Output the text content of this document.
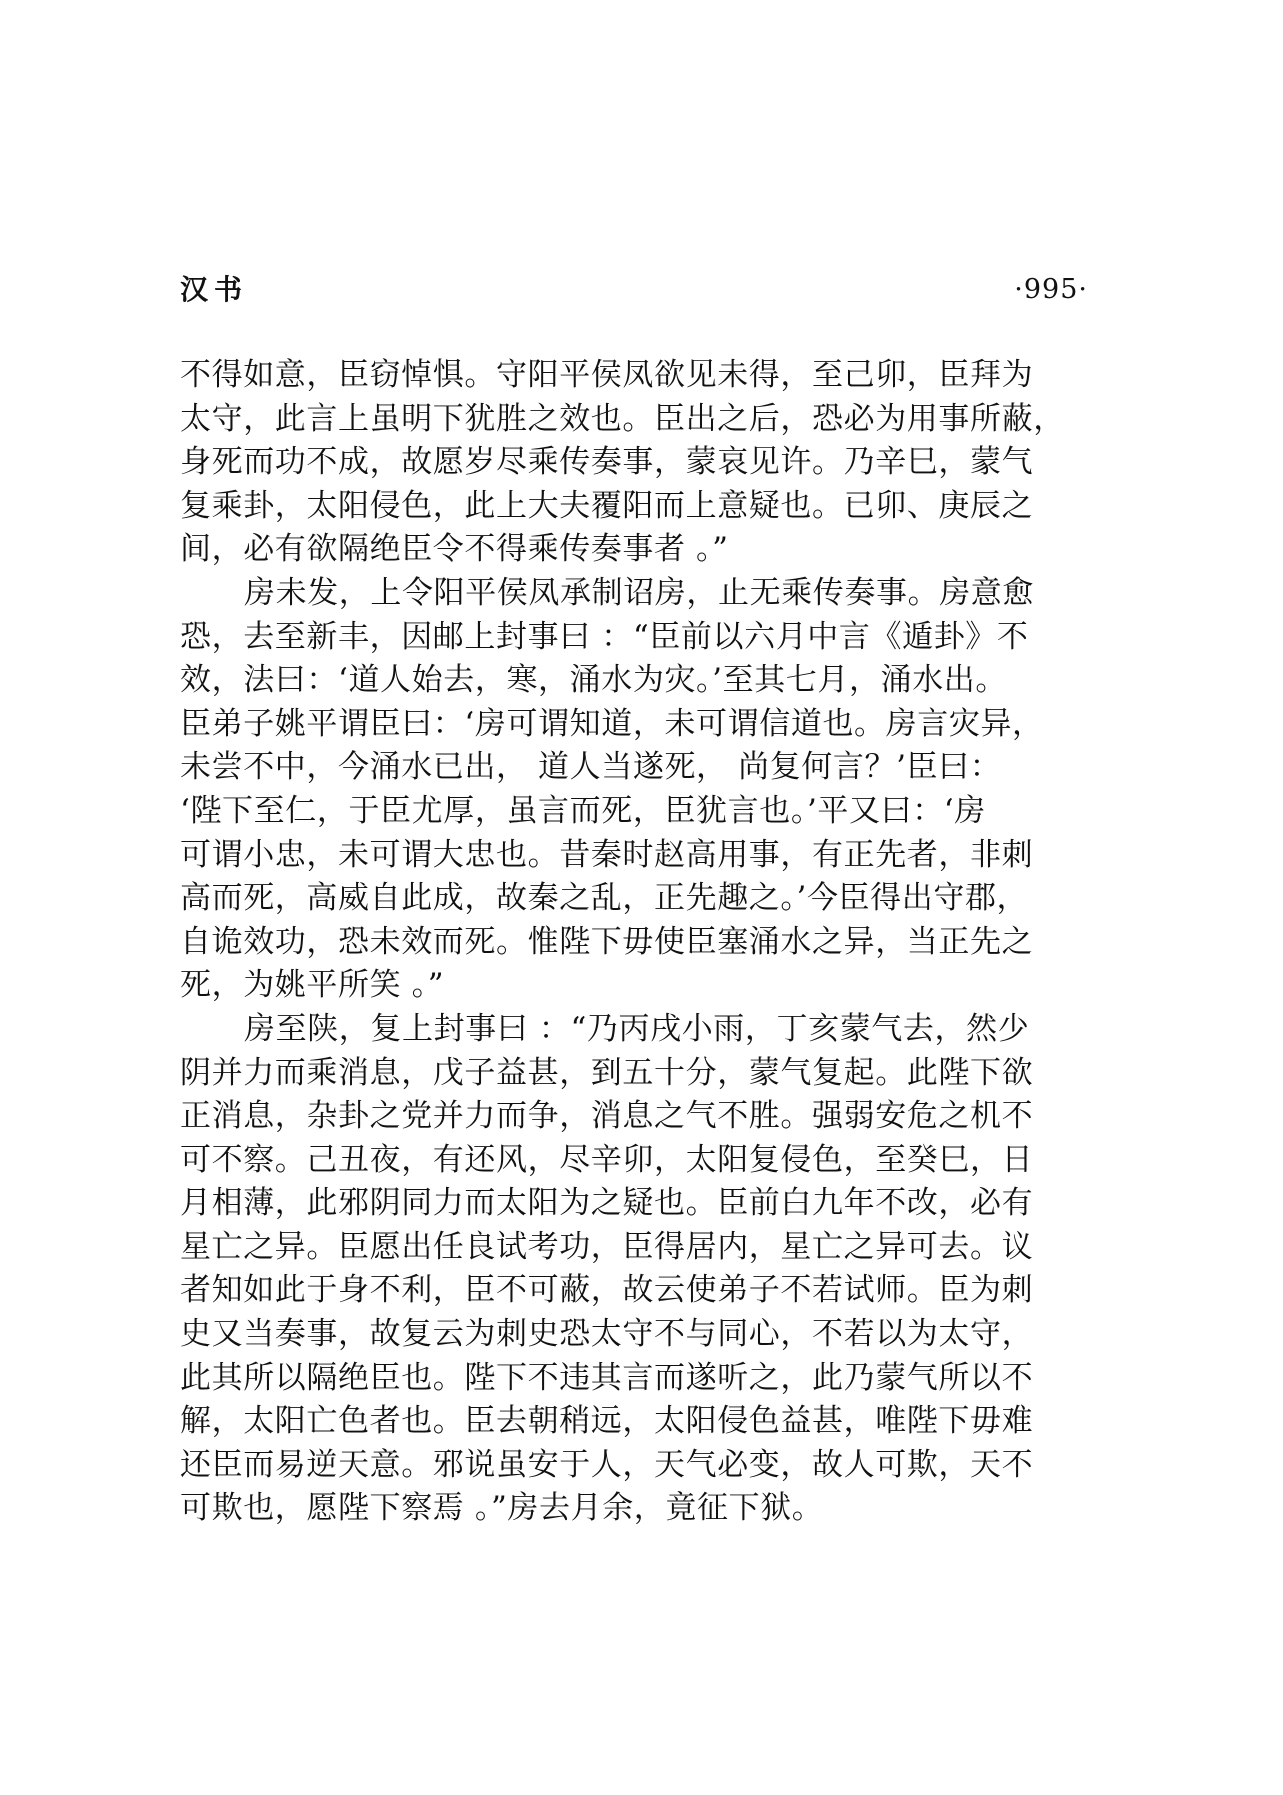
汉书	·995·

不得如意，臣窃悼惧。守阳平侯凤欲见未得，至己卯，臣拜为
太守，此言上虽明下犹胜之效也。臣出之后，恐必为用事所蔽，
身死而功不成，故愿岁尽乘传奏事，蒙哀见许。乃辛巳，蒙气
复乘卦，太阳侵色，此上大夫覆阳而上意疑也。已卯、庚辰之
间，必有欲隔绝臣令不得乘传奏事者 。”

房未发，上令阳平侯凤承制诏房，止无乘传奏事。房意愈
恐，去至新丰，因邮上封事曰 ：“臣前以六月中言《遁卦》不
效，法曰：‘道人始去，寒，涌水为灾。’至其七月，涌水出。
臣弟子姚平谓臣曰：‘房可谓知道，未可谓信道也。房言灾异，
未尝不中，今涌水已出， 道人当遂死， 尚复何言？’臣曰：
‘陛下至仁，于臣尤厚，虽言而死，臣犹言也。’平又曰：‘房
可谓小忠，未可谓大忠也。昔秦时赵高用事，有正先者，非刺
高而死，高威自此成，故秦之乱，正先趣之。’今臣得出守郡，
自诡效功，恐未效而死。惟陛下毋使臣塞涌水之异，当正先之
死，为姚平所笑 。”

房至陕，复上封事曰 ：“乃丙戌小雨，丁亥蒙气去，然少
阴并力而乘消息，戊子益甚，到五十分，蒙气复起。此陛下欲
正消息，杂卦之党并力而争，消息之气不胜。强弱安危之机不
可不察。己丑夜，有还风，尽辛卯，太阳复侵色，至癸巳，日
月相薄，此邪阴同力而太阳为之疑也。臣前白九年不改，必有
星亡之异。臣愿出任良试考功，臣得居内，星亡之异可去。议
者知如此于身不利，臣不可蔽，故云使弟子不若试师。臣为刺
史又当奏事，故复云为刺史恐太守不与同心，不若以为太守，
此其所以隔绝臣也。陛下不违其言而遂听之，此乃蒙气所以不
解，太阳亡色者也。臣去朝稍远，太阳侵色益甚，唯陛下毋难
还臣而易逆天意。邪说虽安于人，天气必变，故人可欺，天不
可欺也，愿陛下察焉 。”房去月余，竟征下狱。
